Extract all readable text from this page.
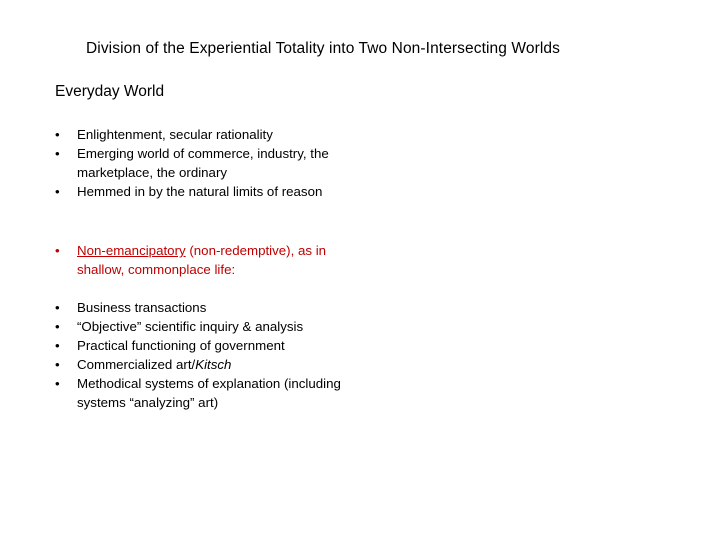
Division of the Experiential Totality into Two Non-Intersecting Worlds
Everyday World
•	Enlightenment, secular rationality
•	Emerging world of commerce, industry, the marketplace, the ordinary
•	Hemmed in by the natural limits of reason
•	Non-emancipatory (non-redemptive), as in shallow, commonplace life:
•	Business transactions
•	“Objective” scientific inquiry & analysis
•	Practical functioning of government
•	Commercialized art/Kitsch
•	Methodical systems of explanation (including systems “analyzing” art)
